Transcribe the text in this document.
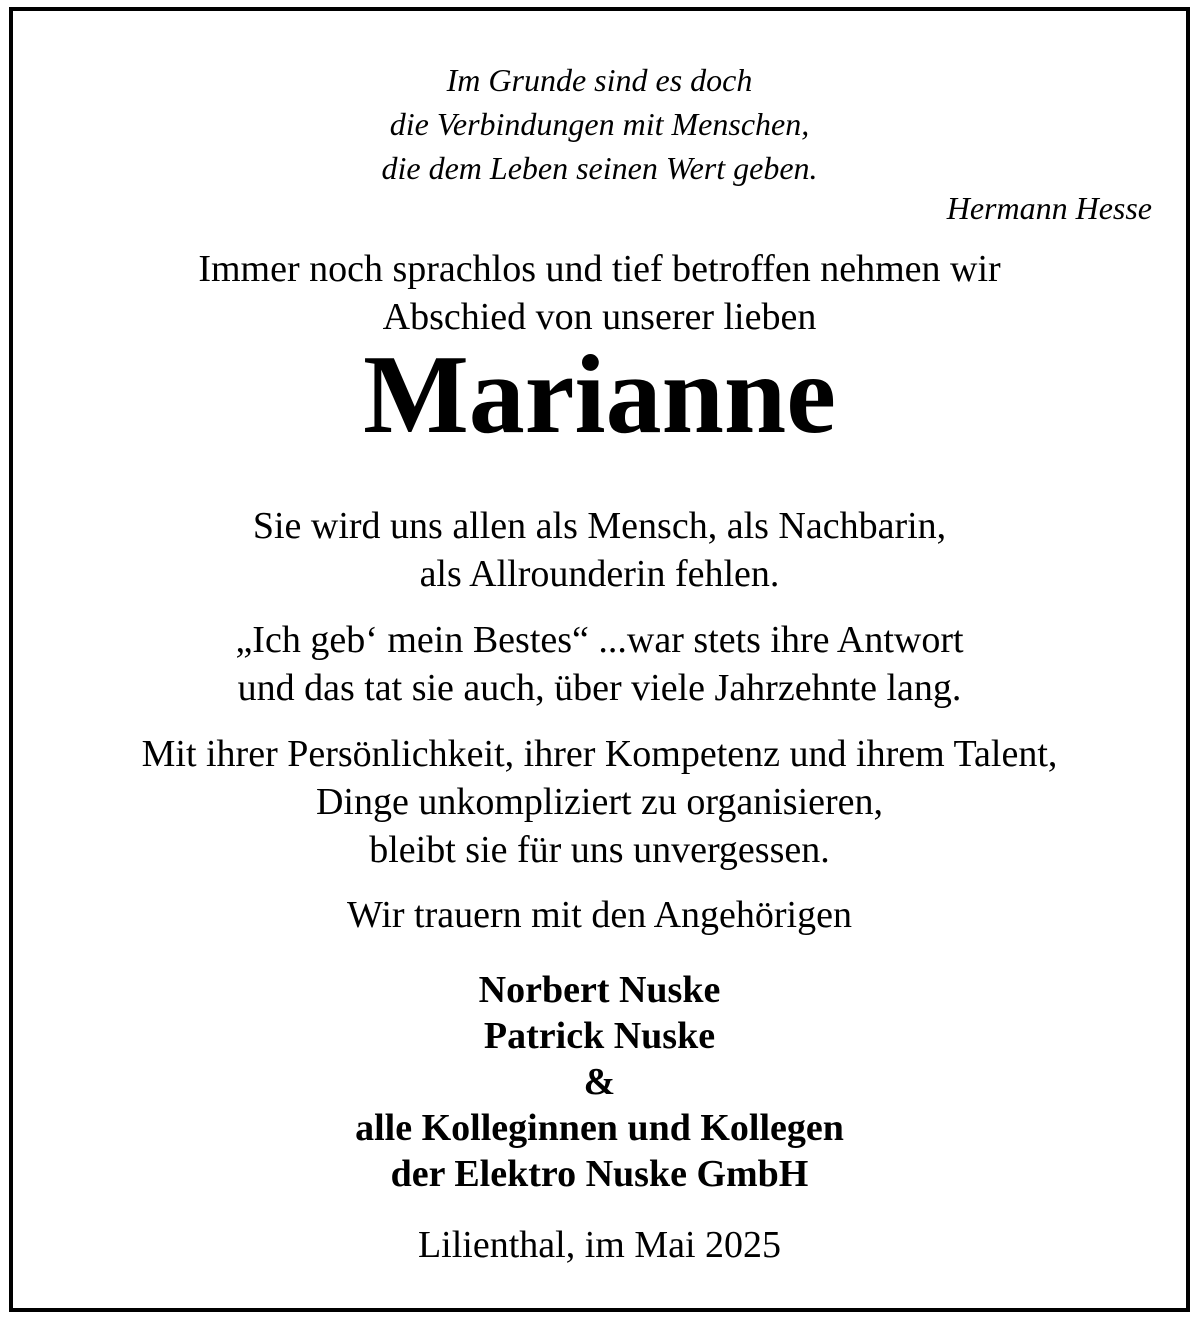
Im Grunde sind es doch
die Verbindungen mit Menschen,
die dem Leben seinen Wert geben.
Hermann Hesse
Immer noch sprachlos und tief betroffen nehmen wir
Abschied von unserer lieben
Marianne
Sie wird uns allen als Mensch, als Nachbarin,
als Allrounderin fehlen.
„Ich geb‘ mein Bestes“ ...war stets ihre Antwort
und das tat sie auch, über viele Jahrzehnte lang.
Mit ihrer Persönlichkeit, ihrer Kompetenz und ihrem Talent,
Dinge unkompliziert zu organisieren,
bleibt sie für uns unvergessen.
Wir trauern mit den Angehörigen
Norbert Nuske
Patrick Nuske
&
alle Kolleginnen und Kollegen
der Elektro Nuske GmbH
Lilienthal, im Mai 2025
